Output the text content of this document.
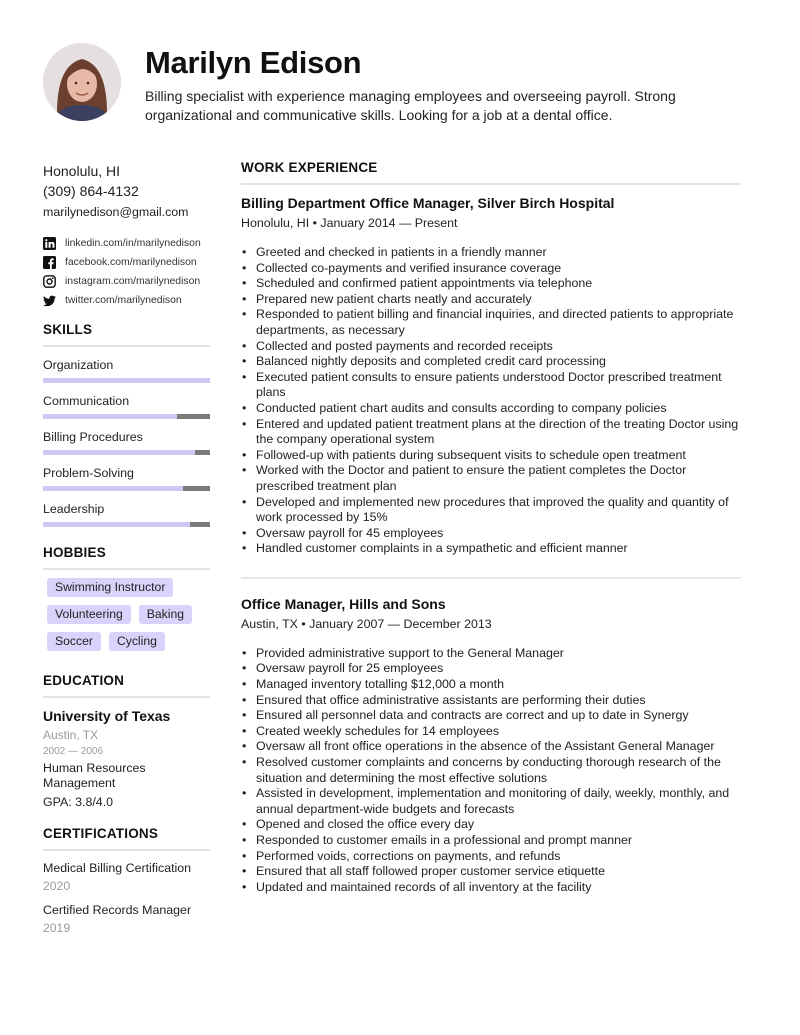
Marilyn Edison
Billing specialist with experience managing employees and overseeing payroll. Strong organizational and communicative skills. Looking for a job at a dental office.
Honolulu, HI
(309) 864-4132
marilynedison@gmail.com
linkedin.com/in/marilynedison
facebook.com/marilynedison
instagram.com/marilynedison
twitter.com/marilynedison
SKILLS
Organization
Communication
Billing Procedures
Problem-Solving
Leadership
HOBBIES
Swimming Instructor
Volunteering	Baking
Soccer	Cycling
EDUCATION
University of Texas
Austin, TX
2002 — 2006
Human Resources Management
GPA: 3.8/4.0
CERTIFICATIONS
Medical Billing Certification
2020
Certified Records Manager
2019
WORK EXPERIENCE
Billing Department Office Manager, Silver Birch Hospital
Honolulu, HI • January 2014 — Present
• Greeted and checked in patients in a friendly manner
• Collected co-payments and verified insurance coverage
• Scheduled and confirmed patient appointments via telephone
• Prepared new patient charts neatly and accurately
• Responded to patient billing and financial inquiries, and directed patients to appropriate departments, as necessary
• Collected and posted payments and recorded receipts
• Balanced nightly deposits and completed credit card processing
• Executed patient consults to ensure patients understood Doctor prescribed treatment plans
• Conducted patient chart audits and consults according to company policies
• Entered and updated patient treatment plans at the direction of the treating Doctor using the company operational system
• Followed-up with patients during subsequent visits to schedule open treatment
• Worked with the Doctor and patient to ensure the patient completes the Doctor prescribed treatment plan
• Developed and implemented new procedures that improved the quality and quantity of work processed by 15%
• Oversaw payroll for 45 employees
• Handled customer complaints in a sympathetic and efficient manner
Office Manager, Hills and Sons
Austin, TX • January 2007 — December 2013
• Provided administrative support to the General Manager
• Oversaw payroll for 25 employees
• Managed inventory totalling $12,000 a month
• Ensured that office administrative assistants are performing their duties
• Ensured all personnel data and contracts are correct and up to date in Synergy
• Created weekly schedules for 14 employees
• Oversaw all front office operations in the absence of the Assistant General Manager
• Resolved customer complaints and concerns by conducting thorough research of the situation and determining the most effective solutions
• Assisted in development, implementation and monitoring of daily, weekly, monthly, and annual department-wide budgets and forecasts
• Opened and closed the office every day
• Responded to customer emails in a professional and prompt manner
• Performed voids, corrections on payments, and refunds
• Ensured that all staff followed proper customer service etiquette
• Updated and maintained records of all inventory at the facility
